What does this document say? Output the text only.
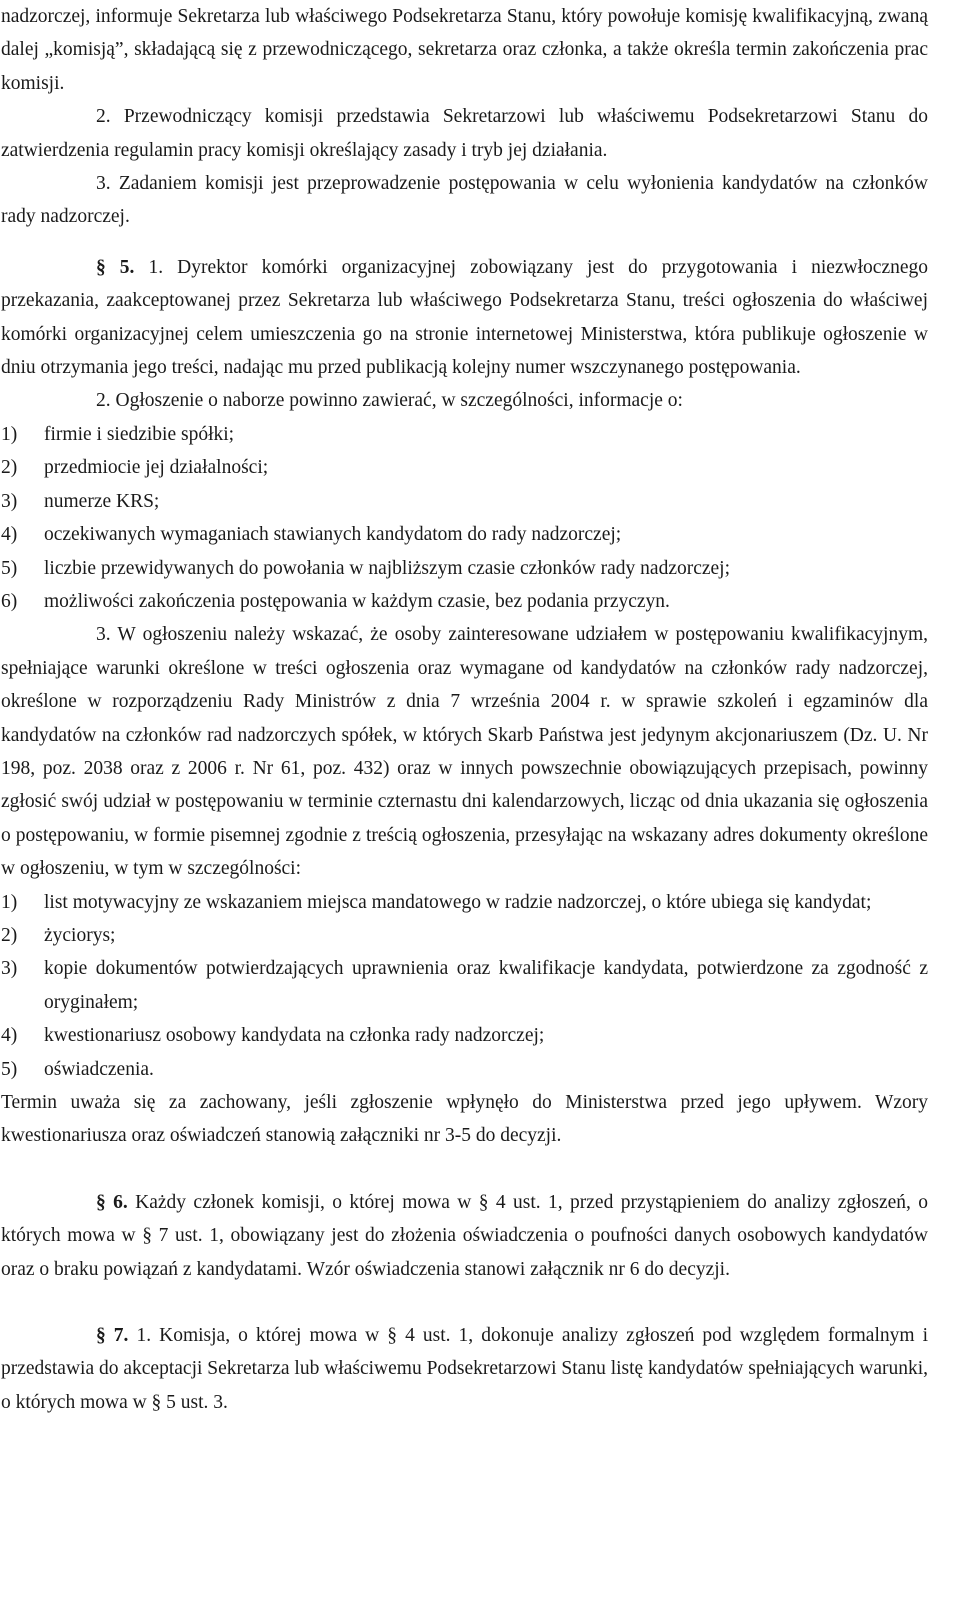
nadzorczej, informuje Sekretarza lub właściwego Podsekretarza Stanu, który powołuje komisję kwalifikacyjną, zwaną dalej „komisją”, składającą się z przewodniczącego, sekretarza oraz członka, a także określa termin zakończenia prac komisji.

2. Przewodniczący komisji przedstawia Sekretarzowi lub właściwemu Podsekretarzowi Stanu do zatwierdzenia regulamin pracy komisji określający zasady i tryb jej działania.

3. Zadaniem komisji jest przeprowadzenie postępowania w celu wyłonienia kandydatów na członków rady nadzorczej.

§ 5. 1. Dyrektor komórki organizacyjnej zobowiązany jest do przygotowania i niezwłocznego przekazania, zaakceptowanej przez Sekretarza lub właściwego Podsekretarza Stanu, treści ogłoszenia do właściwej komórki organizacyjnej celem umieszczenia go na stronie internetowej Ministerstwa, która publikuje ogłoszenie w dniu otrzymania jego treści, nadając mu przed publikacją kolejny numer wszczynanego postępowania.

2. Ogłoszenie o naborze powinno zawierać, w szczególności, informacje o:

1)	firmie i siedzibie spółki;
2)	przedmiocie jej działalności;
3)	numerze KRS;
4)	oczekiwanych wymaganiach stawianych kandydatom do rady nadzorczej;
5)	liczbie przewidywanych do powołania w najbliższym czasie członków rady nadzorczej;
6)	możliwości zakończenia postępowania w każdym czasie, bez podania przyczyn.

3. W ogłoszeniu należy wskazać, że osoby zainteresowane udziałem w postępowaniu kwalifikacyjnym, spełniające warunki określone w treści ogłoszenia oraz wymagane od kandydatów na członków rady nadzorczej, określone w rozporządzeniu Rady Ministrów z dnia 7 września 2004 r. w sprawie szkoleń i egzaminów dla kandydatów na członków rad nadzorczych spółek, w których Skarb Państwa jest jedynym akcjonariuszem (Dz. U. Nr 198, poz. 2038 oraz z 2006 r. Nr 61, poz. 432) oraz w innych powszechnie obowiązujących przepisach, powinny zgłosić swój udział w postępowaniu w terminie czternastu dni kalendarzowych, licząc od dnia ukazania się ogłoszenia o postępowaniu, w formie pisemnej zgodnie z treścią ogłoszenia, przesyłając na wskazany adres dokumenty określone w ogłoszeniu, w tym w szczególności:

1)	list motywacyjny ze wskazaniem miejsca mandatowego w radzie nadzorczej, o które ubiega się kandydat;
2)	życiorys;
3)	kopie dokumentów potwierdzających uprawnienia oraz kwalifikacje kandydata, potwierdzone za zgodność z oryginałem;
4)	kwestionariusz osobowy kandydata na członka rady nadzorczej;
5)	oświadczenia.

Termin uważa się za zachowany, jeśli zgłoszenie wpłynęło do Ministerstwa przed jego upływem. Wzory kwestionariusza oraz oświadczeń stanowią załączniki nr 3-5 do decyzji.

§ 6. Każdy członek komisji, o której mowa w § 4 ust. 1, przed przystąpieniem do analizy zgłoszeń, o których mowa w § 7 ust. 1, obowiązany jest do złożenia oświadczenia o poufności danych osobowych kandydatów oraz o braku powiązań z kandydatami. Wzór oświadczenia stanowi załącznik nr 6 do decyzji.

§ 7. 1. Komisja, o której mowa w § 4 ust. 1, dokonuje analizy zgłoszeń pod względem formalnym i przedstawia do akceptacji Sekretarza lub właściwemu Podsekretarzowi Stanu listę kandydatów spełniających warunki, o których mowa w § 5 ust. 3.
